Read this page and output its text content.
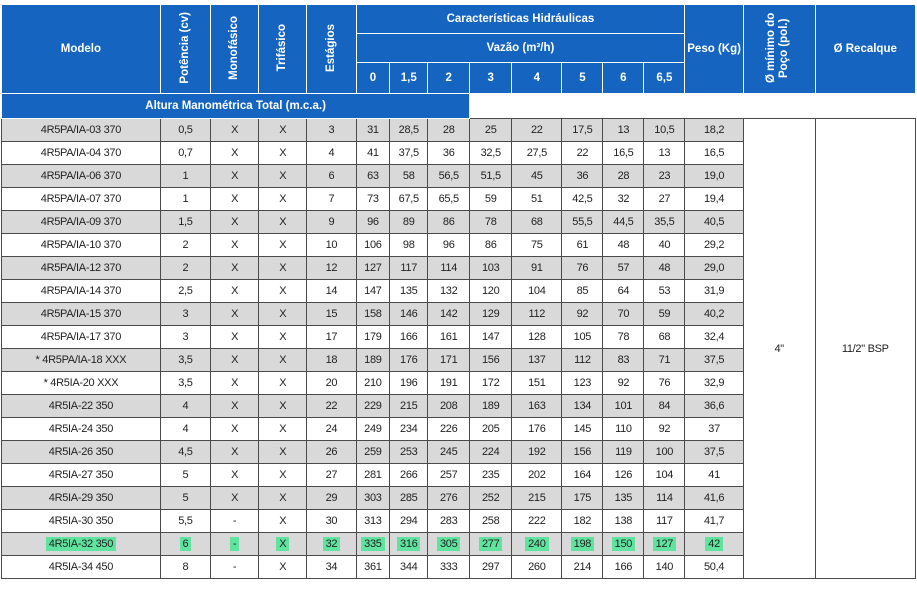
Modelo	Potência (cv)	Monofásico	Trifásico	Estágios	Características Hidráulicas								Peso (Kg)	Ø mínimo do Poço (pol.)	Ø Recalque
					Vazão (m³/h)										
					0	1,5	2	3	4	5	6	6,5			
Altura Manométrica Total (m.c.a.)															
4R5PA/IA-03 370	0,5	X	X	3	31	28,5	28	25	22	17,5	13	10,5	18,2	4"	11/2" BSP
4R5PA/IA-04 370	0,7	X	X	4	41	37,5	36	32,5	27,5	22	16,5	13	16,5		
4R5PA/IA-06 370	1	X	X	6	63	58	56,5	51,5	45	36	28	23	19,0		
4R5PA/IA-07 370	1	X	X	7	73	67,5	65,5	59	51	42,5	32	27	19,4		
4R5PA/IA-09 370	1,5	X	X	9	96	89	86	78	68	55,5	44,5	35,5	40,5		
4R5PA/IA-10 370	2	X	X	10	106	98	96	86	75	61	48	40	29,2		
4R5PA/IA-12 370	2	X	X	12	127	117	114	103	91	76	57	48	29,0		
4R5PA/IA-14 370	2,5	X	X	14	147	135	132	120	104	85	64	53	31,9		
4R5PA/IA-15 370	3	X	X	15	158	146	142	129	112	92	70	59	40,2		
4R5PA/IA-17 370	3	X	X	17	179	166	161	147	128	105	78	68	32,4		
* 4R5PA/IA-18 XXX	3,5	X	X	18	189	176	171	156	137	112	83	71	37,5		
* 4R5IA-20 XXX	3,5	X	X	20	210	196	191	172	151	123	92	76	32,9		
4R5IA-22 350	4	X	X	22	229	215	208	189	163	134	101	84	36,6		
4R5IA-24 350	4	X	X	24	249	234	226	205	176	145	110	92	37		
4R5IA-26 350	4,5	X	X	26	259	253	245	224	192	156	119	100	37,5		
4R5IA-27 350	5	X	X	27	281	266	257	235	202	164	126	104	41		
4R5IA-29 350	5	X	X	29	303	285	276	252	215	175	135	114	41,6		
4R5IA-30 350	5,5	-	X	30	313	294	283	258	222	182	138	117	41,7		
4R5IA-32 350	6	-	X	32	335	316	305	277	240	198	150	127	42		
4R5IA-34 450	8	-	X	34	361	344	333	297	260	214	166	140	50,4		
